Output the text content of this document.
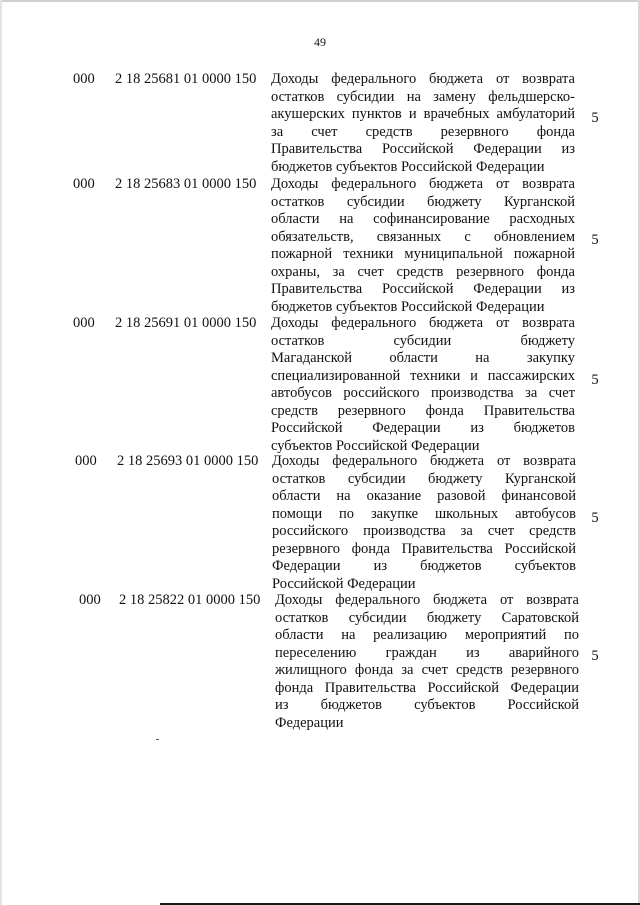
49
000 2 18 25681 01 0000 150 Доходы федерального бюджета от возврата
остатков субсидии на замену фельдшерско-
акушерских пунктов и врачебных амбулаторий
за счет средств резервного фонда
Правительства Российской Федерации из
бюджетов субъектов Российской Федерации
5
000 2 18 25683 01 0000 150 Доходы федерального бюджета от возврата
остатков субсидии бюджету Курганской
области на софинансирование расходных
обязательств, связанных с обновлением
пожарной техники муниципальной пожарной
охраны, за счет средств резервного фонда
Правительства Российской Федерации из
бюджетов субъектов Российской Федерации
5
000 2 18 25691 01 0000 150 Доходы федерального бюджета от возврата
остатков субсидии бюджету
Магаданской области на закупку
специализированной техники и пассажирских
автобусов российского производства за счет
средств резервного фонда Правительства
Российской Федерации из бюджетов
субъектов Российской Федерации
5
000 2 18 25693 01 0000 150 Доходы федерального бюджета от возврата
остатков субсидии бюджету Курганской
области на оказание разовой финансовой
помощи по закупке школьных автобусов
российского производства за счет средств
резервного фонда Правительства Российской
Федерации из бюджетов субъектов
Российской Федерации
5
000 2 18 25822 01 0000 150 Доходы федерального бюджета от возврата
остатков субсидии бюджету Саратовской
области на реализацию мероприятий по
переселению граждан из аварийного
жилищного фонда за счет средств резервного
фонда Правительства Российской Федерации
из бюджетов субъектов Российской
Федерации
5
